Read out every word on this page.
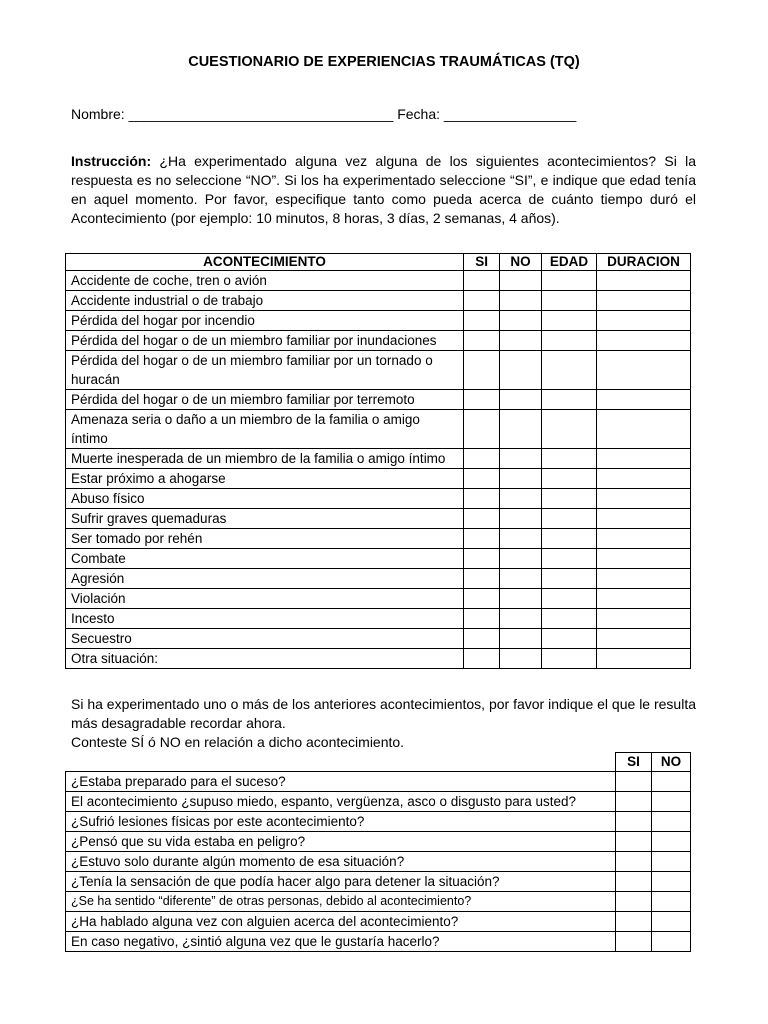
CUESTIONARIO DE EXPERIENCIAS TRAUMÁTICAS (TQ)
Nombre: __________________________________ Fecha: _________________
Instrucción: ¿Ha experimentado alguna vez alguna de los siguientes acontecimientos? Si la respuesta es no seleccione “NO”. Si los ha experimentado seleccione “SI”, e indique que edad tenía en aquel momento. Por favor, especifique tanto como pueda acerca de cuánto tiempo duró el Acontecimiento (por ejemplo: 10 minutos, 8 horas, 3 días, 2 semanas, 4 años).
ACONTECIMIENTO	SI	NO	EDAD	DURACION
Accidente de coche, tren o avión				
Accidente industrial o de trabajo				
Pérdida del hogar por incendio				
Pérdida del hogar o de un miembro familiar por inundaciones				
Pérdida del hogar o de un miembro familiar por un tornado o huracán				
Pérdida del hogar o de un miembro familiar por terremoto				
Amenaza seria o daño a un miembro de la familia o amigo íntimo				
Muerte inesperada de un miembro de la familia o amigo íntimo				
Estar próximo a ahogarse				
Abuso físico				
Sufrir graves quemaduras				
Ser tomado por rehén				
Combate				
Agresión				
Violación				
Incesto				
Secuestro				
Otra situación:				
Si ha experimentado uno o más de los anteriores acontecimientos, por favor indique el que le resulta más desagradable recordar ahora.
Conteste SÍ ó NO en relación a dicho acontecimiento.
	SI	NO
¿Estaba preparado para el suceso?		
El acontecimiento ¿supuso miedo, espanto, vergüenza, asco o disgusto para usted?		
¿Sufrió lesiones físicas por este acontecimiento?		
¿Pensó que su vida estaba en peligro?		
¿Estuvo solo durante algún momento de esa situación?		
¿Tenía la sensación de que podía hacer algo para detener la situación?		
¿Se ha sentido “diferente” de otras personas, debido al acontecimiento?		
¿Ha hablado alguna vez con alguien acerca del acontecimiento?		
En caso negativo, ¿sintió alguna vez que le gustaría hacerlo?		
